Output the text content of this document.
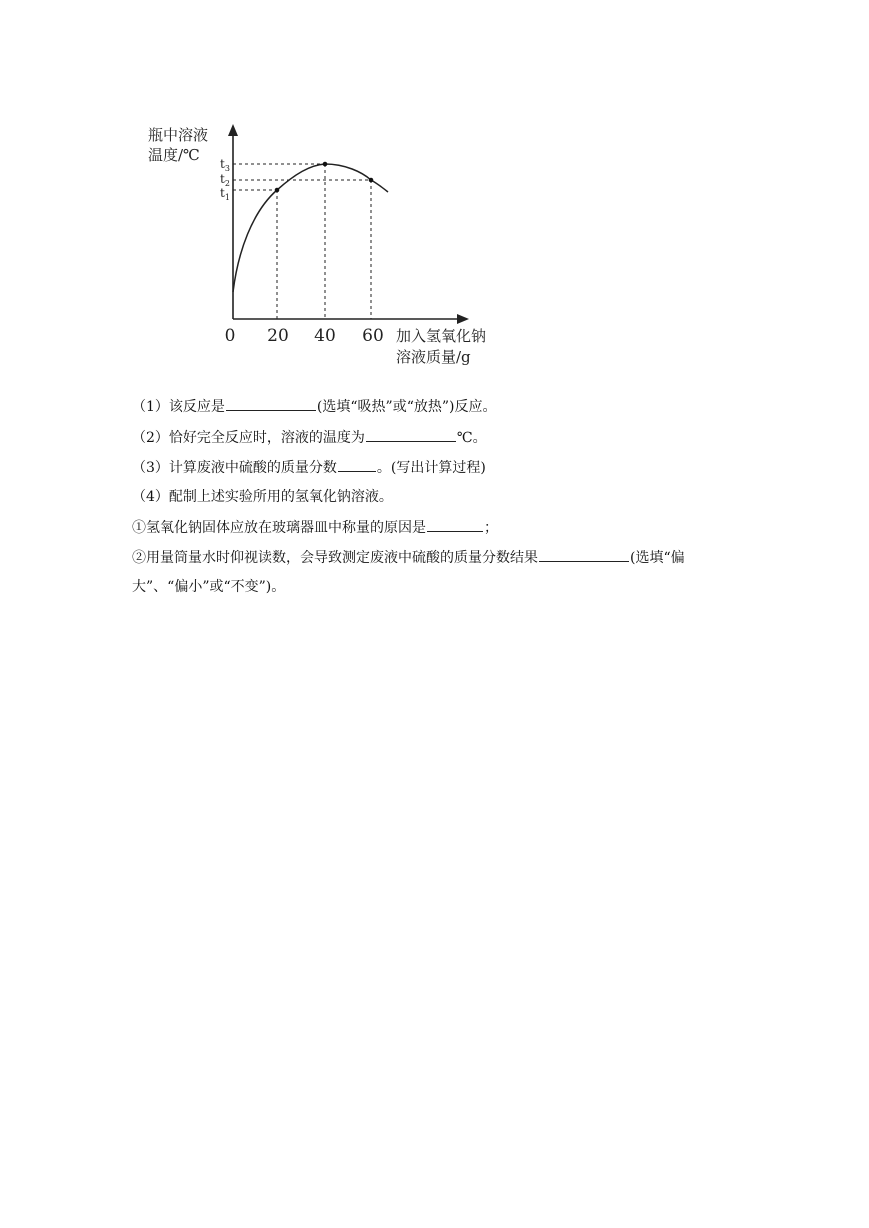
瓶中溶液
温度/℃
加入氢氧化钠
溶液质量/g
0 20 40 60
$t_3$
$t_2$
$t_1$
（1）该反应是	(选填“吸热”或“放热”)反应。
（2）恰好完全反应时，溶液的温度为	℃。
（3）计算废液中硫酸的质量分数	。(写出计算过程)
（4）配制上述实验所用的氢氧化钠溶液。
①氢氧化钠固体应放在玻璃器皿中称量的原因是	；
②用量筒量水时仰视读数，会导致测定废液中硫酸的质量分数结果	(选填“偏
大”、“偏小”或“不变”)。
